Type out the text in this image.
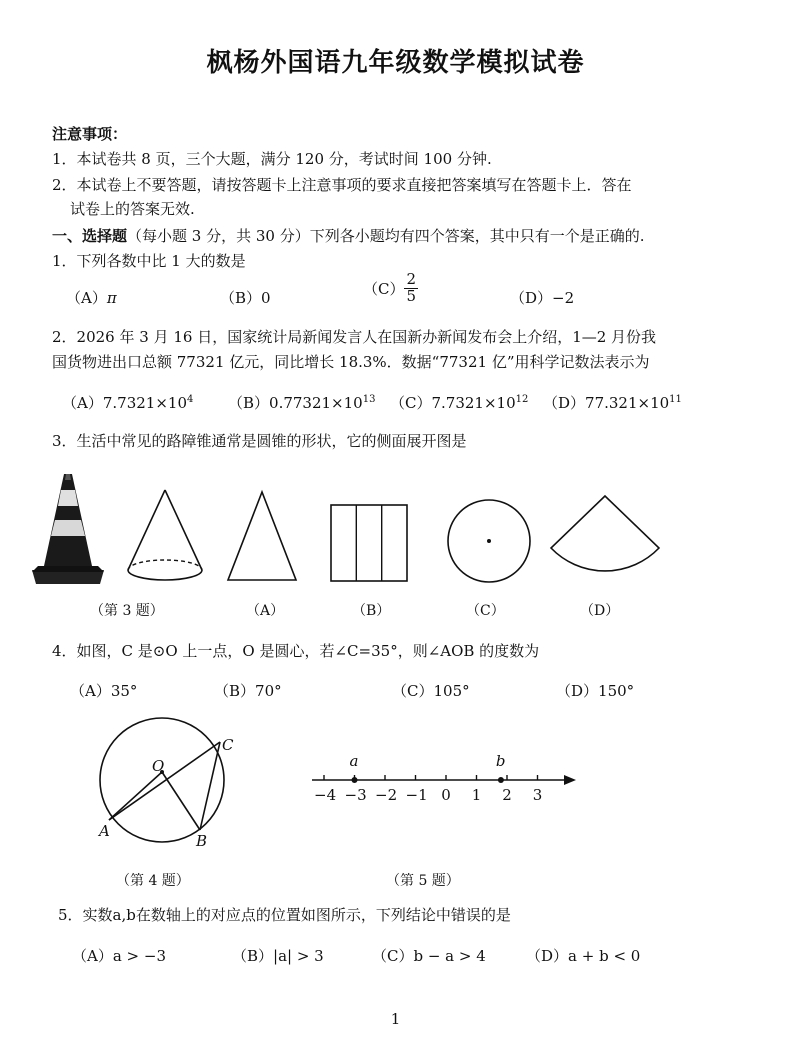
枫杨外国语九年级数学模拟试卷
注意事项：
1．本试卷共 8 页，三个大题，满分 120 分，考试时间 100 分钟.
2．本试卷上不要答题，请按答题卡上注意事项的要求直接把答案填写在答题卡上．答在
试卷上的答案无效.
一、选择题（每小题 3 分，共 30 分）下列各小题均有四个答案，其中只有一个是正确的.
1．下列各数中比 1 大的数是
（A）π	（B）0
$(C) \frac{2}{5}$	（D）−2
2．2026 年 3 月 16 日，国家统计局新闻发言人在国新办新闻发布会上介绍，1—2 月份我
国货物进出口总额 77321 亿元，同比增长 18.3%．数据“77321 亿”用科学记数法表示为
$(A)7.7321\times 10^4$ $(B)0.77321\times 10^{13}$ $(C)7.7321\times 10^{12}$ $(D)77.321\times 10^{11}$
3．生活中常见的路障锥通常是圆锥的形状，它的侧面展开图是
（第 3 题）	（A）	（B）	（C）	（D）
4．如图，C 是⊙O 上一点，O 是圆心，若∠C=35°，则∠AOB 的度数为
（A）35°	（B）70°	（C）105°	（D）150°
O
A
B
C
−4 −3 −2 −1 0	1	2	3
a	b
（第 4 题）	（第 5 题）
5．实数a,b在数轴上的对应点的位置如图所示，下列结论中错误的是
（A）a > −3	（B）|a| > 3	（C）b − a > 4	（D）a + b < 0
1
